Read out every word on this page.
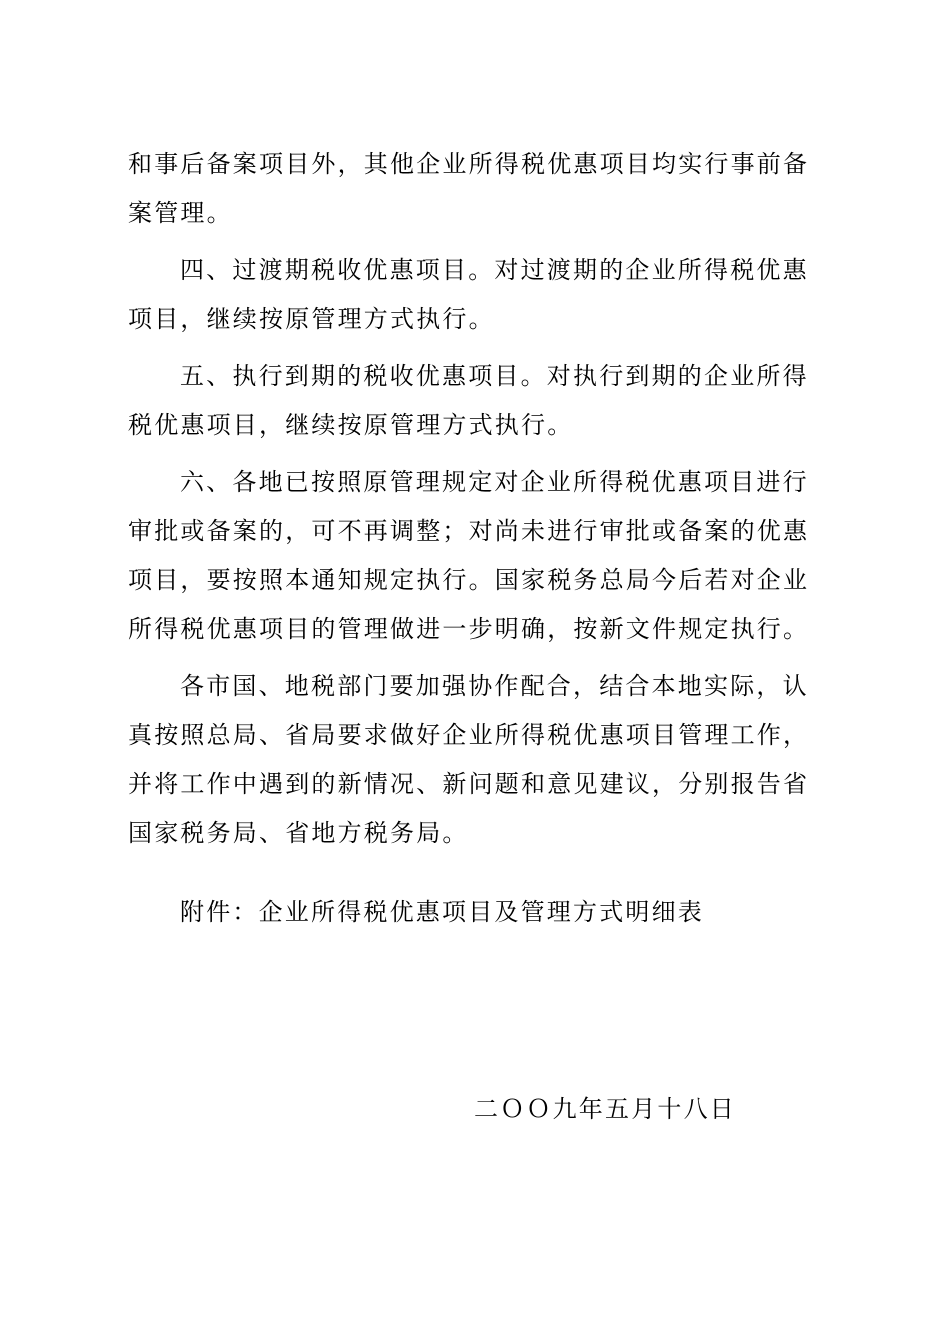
和事后备案项目外，其他企业所得税优惠项目均实行事前备案管理。

四、过渡期税收优惠项目。对过渡期的企业所得税优惠项目，继续按原管理方式执行。

五、执行到期的税收优惠项目。对执行到期的企业所得税优惠项目，继续按原管理方式执行。

六、各地已按照原管理规定对企业所得税优惠项目进行审批或备案的，可不再调整；对尚未进行审批或备案的优惠项目，要按照本通知规定执行。国家税务总局今后若对企业所得税优惠项目的管理做进一步明确，按新文件规定执行。

各市国、地税部门要加强协作配合，结合本地实际，认真按照总局、省局要求做好企业所得税优惠项目管理工作，并将工作中遇到的新情况、新问题和意见建议，分别报告省国家税务局、省地方税务局。

附件：企业所得税优惠项目及管理方式明细表
二ＯＯ九年五月十八日
